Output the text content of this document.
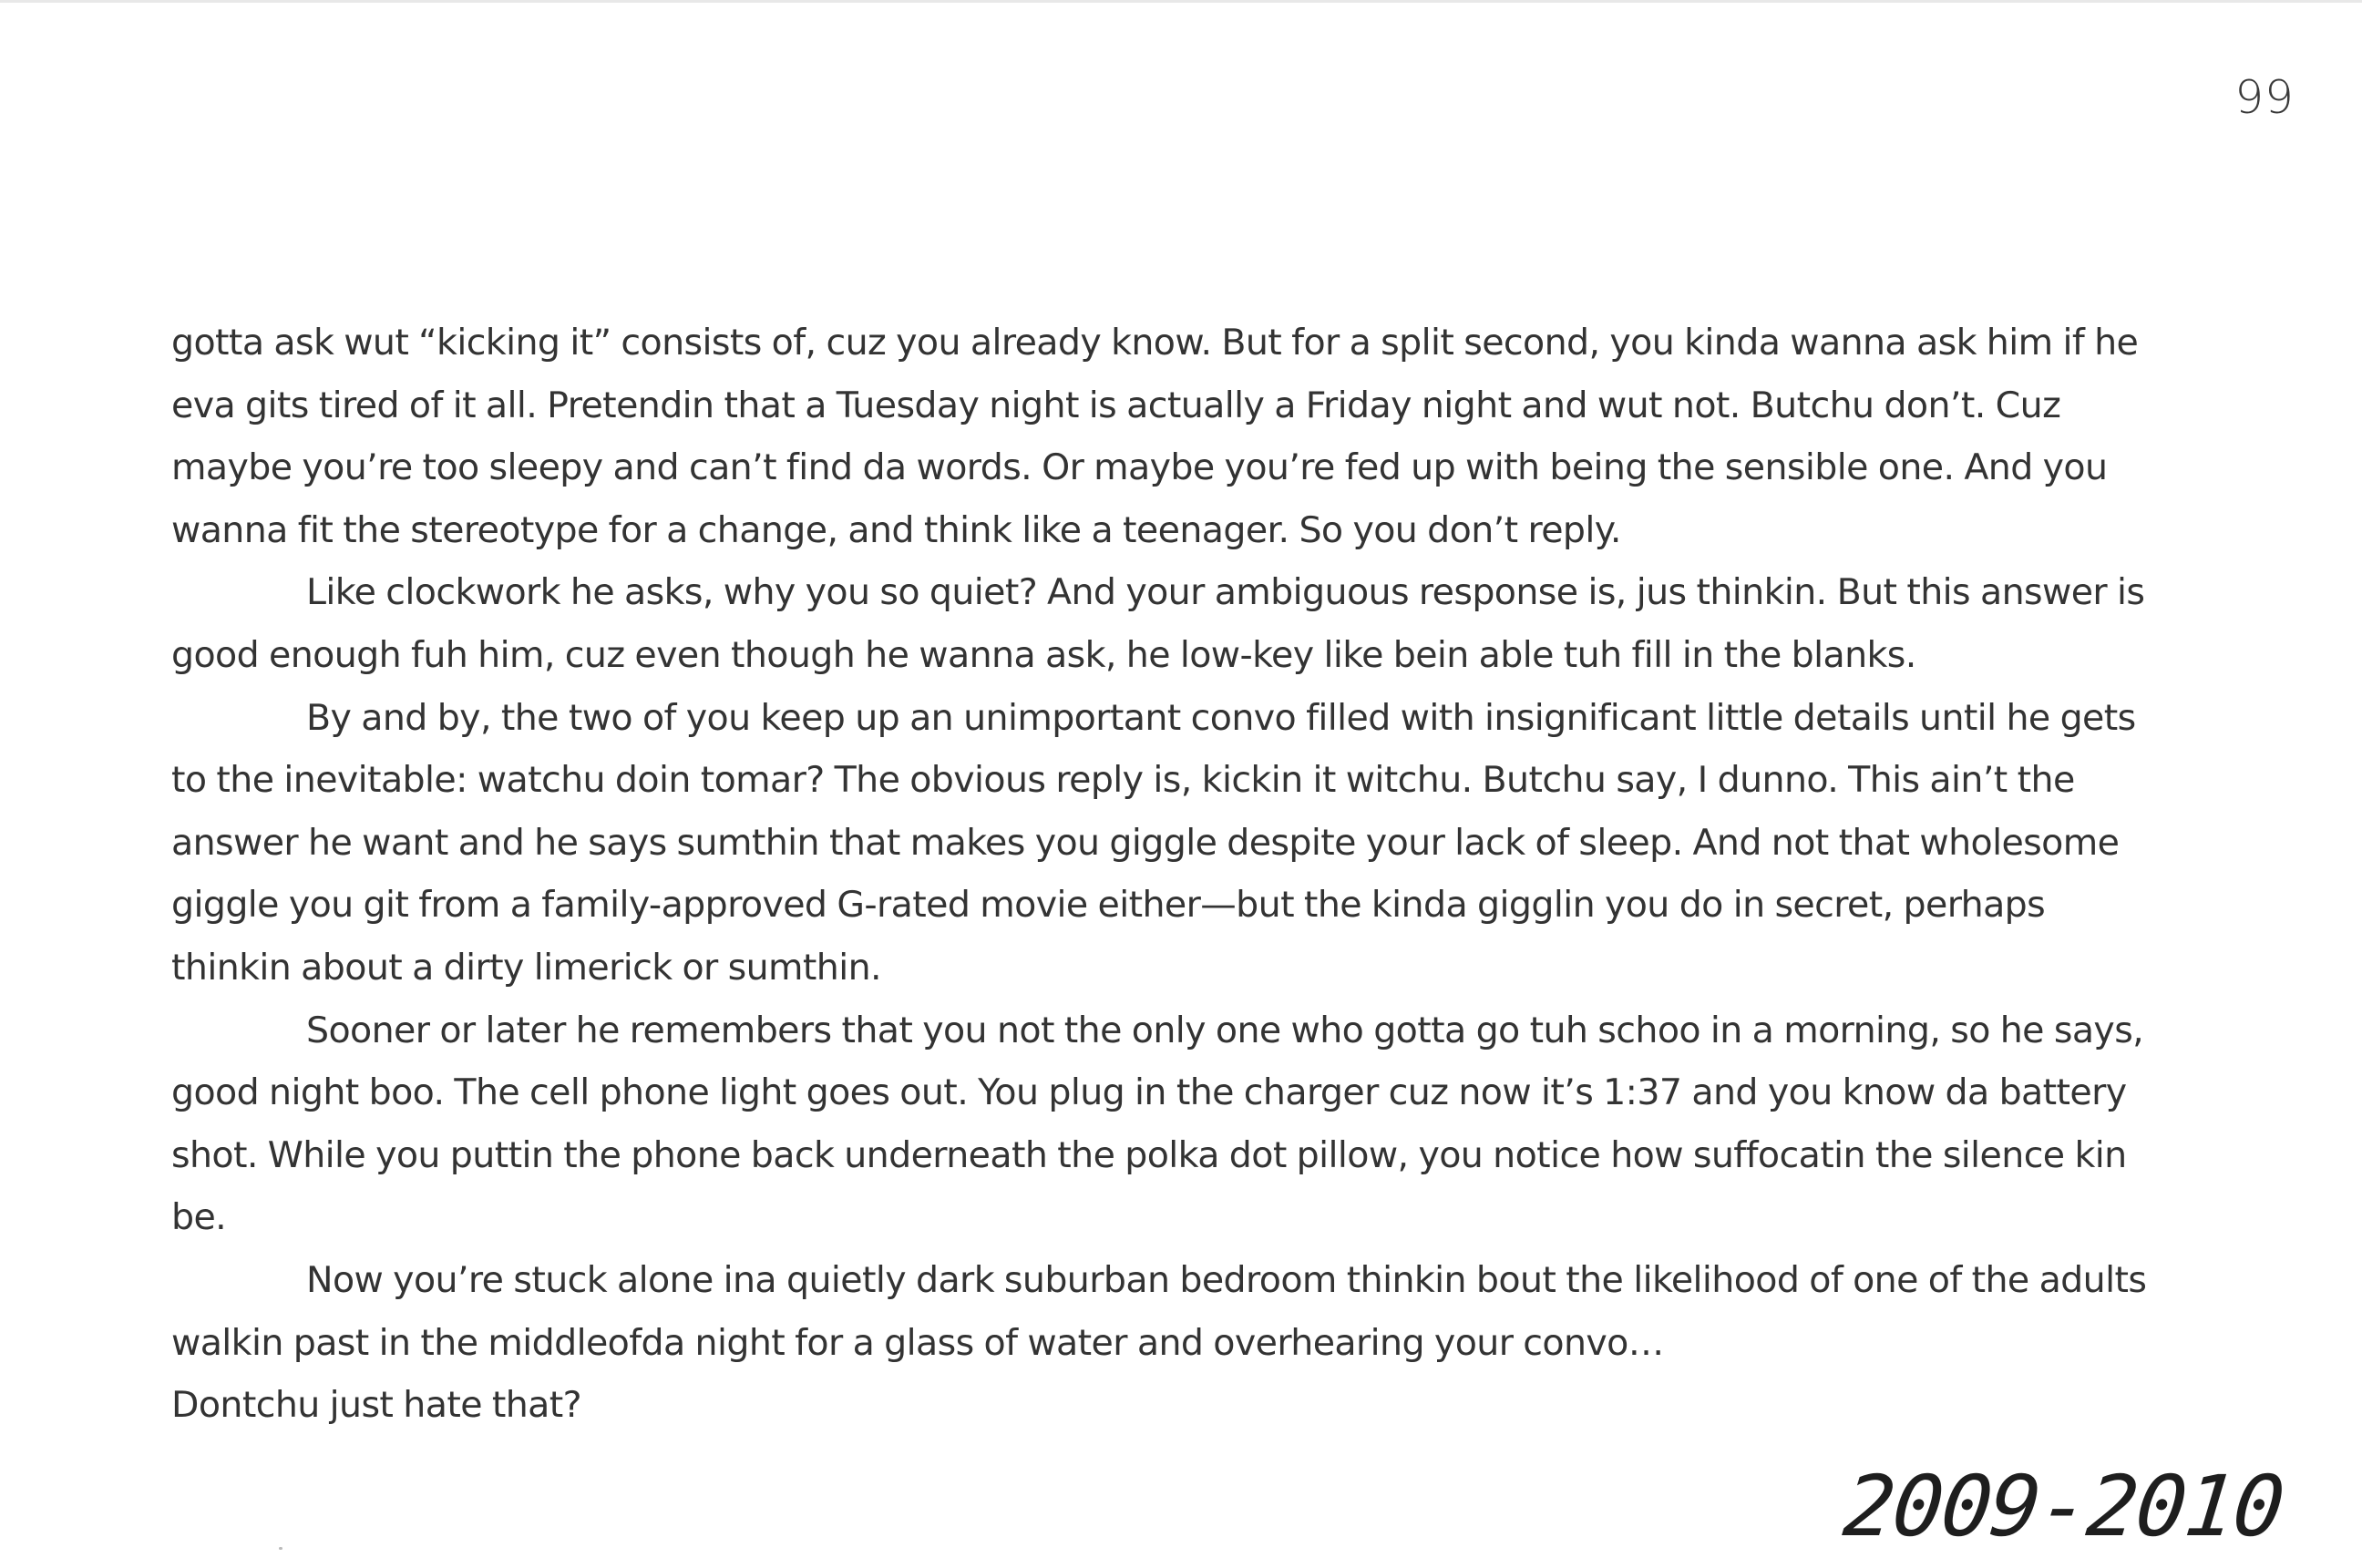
99

gotta ask wut “kicking it” consists of, cuz you already know. But for a split second, you kinda wanna ask him if he eva gits tired of it all. Pretendin that a Tuesday night is actually a Friday night and wut not. Butchu don’t. Cuz maybe you’re too sleepy and can’t find da words. Or maybe you’re fed up with being the sensible one. And you wanna fit the stereotype for a change, and think like a teenager. So you don’t reply.

Like clockwork he asks, why you so quiet? And your ambiguous response is, jus thinkin. But this answer is good enough fuh him, cuz even though he wanna ask, he low-key like bein able tuh fill in the blanks.

By and by, the two of you keep up an unimportant convo filled with insignificant little details until he gets to the inevitable: watchu doin tomar? The obvious reply is, kickin it witchu. Butchu say, I dunno. This ain’t the answer he want and he says sumthin that makes you giggle despite your lack of sleep. And not that wholesome giggle you git from a family-approved G-rated movie either—but the kinda gigglin you do in secret, perhaps thinkin about a dirty limerick or sumthin.

Sooner or later he remembers that you not the only one who gotta go tuh schoo in a morning, so he says, good night boo. The cell phone light goes out. You plug in the charger cuz now it’s 1:37 and you know da battery shot. While you puttin the phone back underneath the polka dot pillow, you notice how suffocatin the silence kin be.

Now you’re stuck alone ina quietly dark suburban bedroom thinkin bout the likelihood of one of the adults walkin past in the middleofda night for a glass of water and overhearing your convo…

Dontchu just hate that?

2009-2010
